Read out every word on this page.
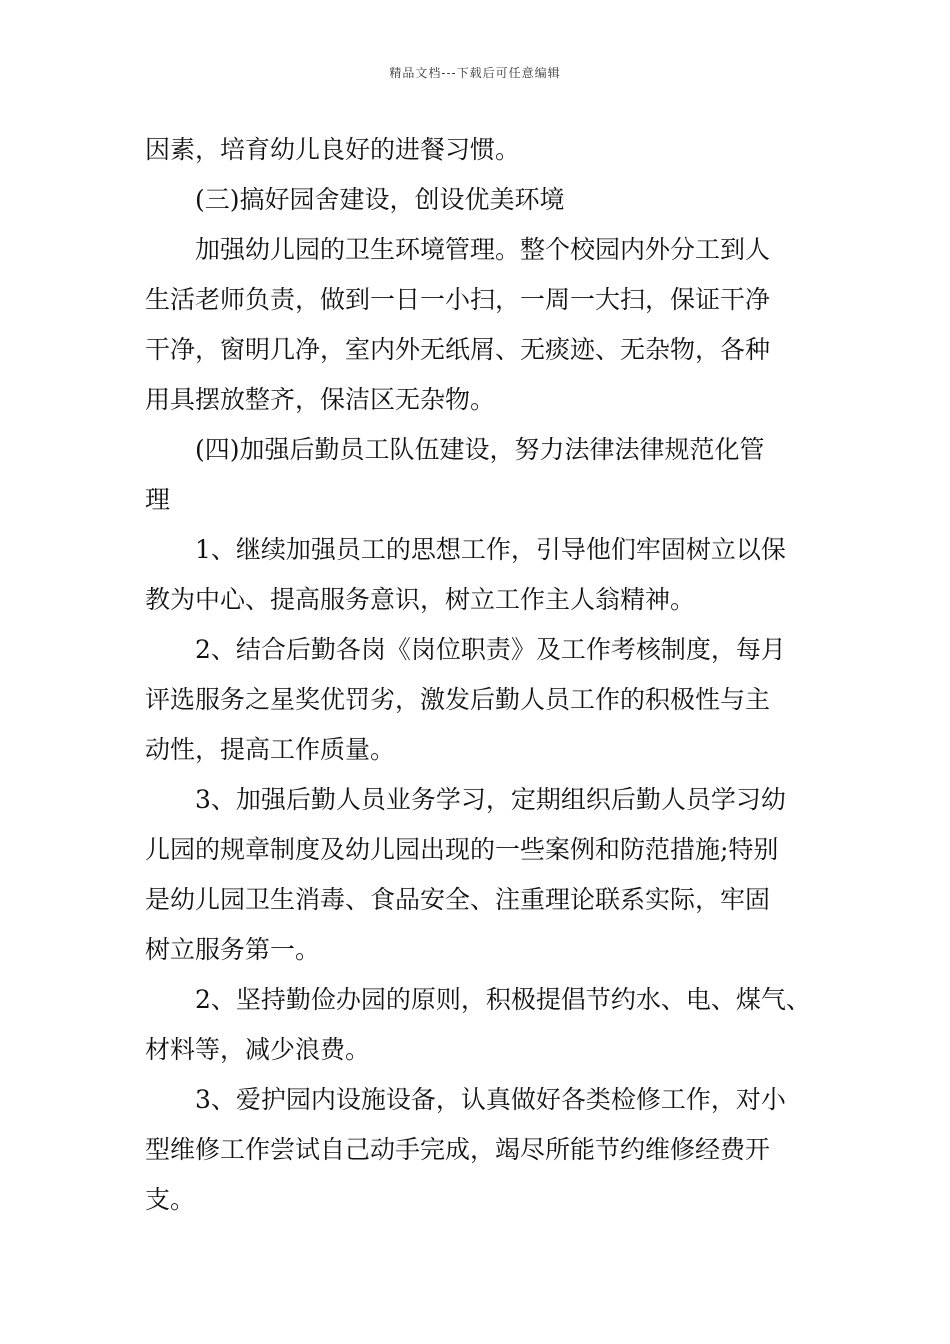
精品文档---下载后可任意编辑
因素，培育幼儿良好的进餐习惯。
(三)搞好园舍建设，创设优美环境
加强幼儿园的卫生环境管理。整个校园内外分工到人
生活老师负责，做到一日一小扫，一周一大扫，保证干净
干净，窗明几净，室内外无纸屑、无痰迹、无杂物，各种
用具摆放整齐，保洁区无杂物。
(四)加强后勤员工队伍建设，努力法律法律规范化管
理
1、继续加强员工的思想工作，引导他们牢固树立以保
教为中心、提高服务意识，树立工作主人翁精神。
2、结合后勤各岗《岗位职责》及工作考核制度，每月
评选服务之星奖优罚劣，激发后勤人员工作的积极性与主
动性，提高工作质量。
3、加强后勤人员业务学习，定期组织后勤人员学习幼
儿园的规章制度及幼儿园出现的一些案例和防范措施;特别
是幼儿园卫生消毒、食品安全、注重理论联系实际，牢固
树立服务第一。
2、坚持勤俭办园的原则，积极提倡节约水、电、煤气、
材料等，减少浪费。
3、爱护园内设施设备，认真做好各类检修工作，对小
型维修工作尝试自己动手完成，竭尽所能节约维修经费开
支。
